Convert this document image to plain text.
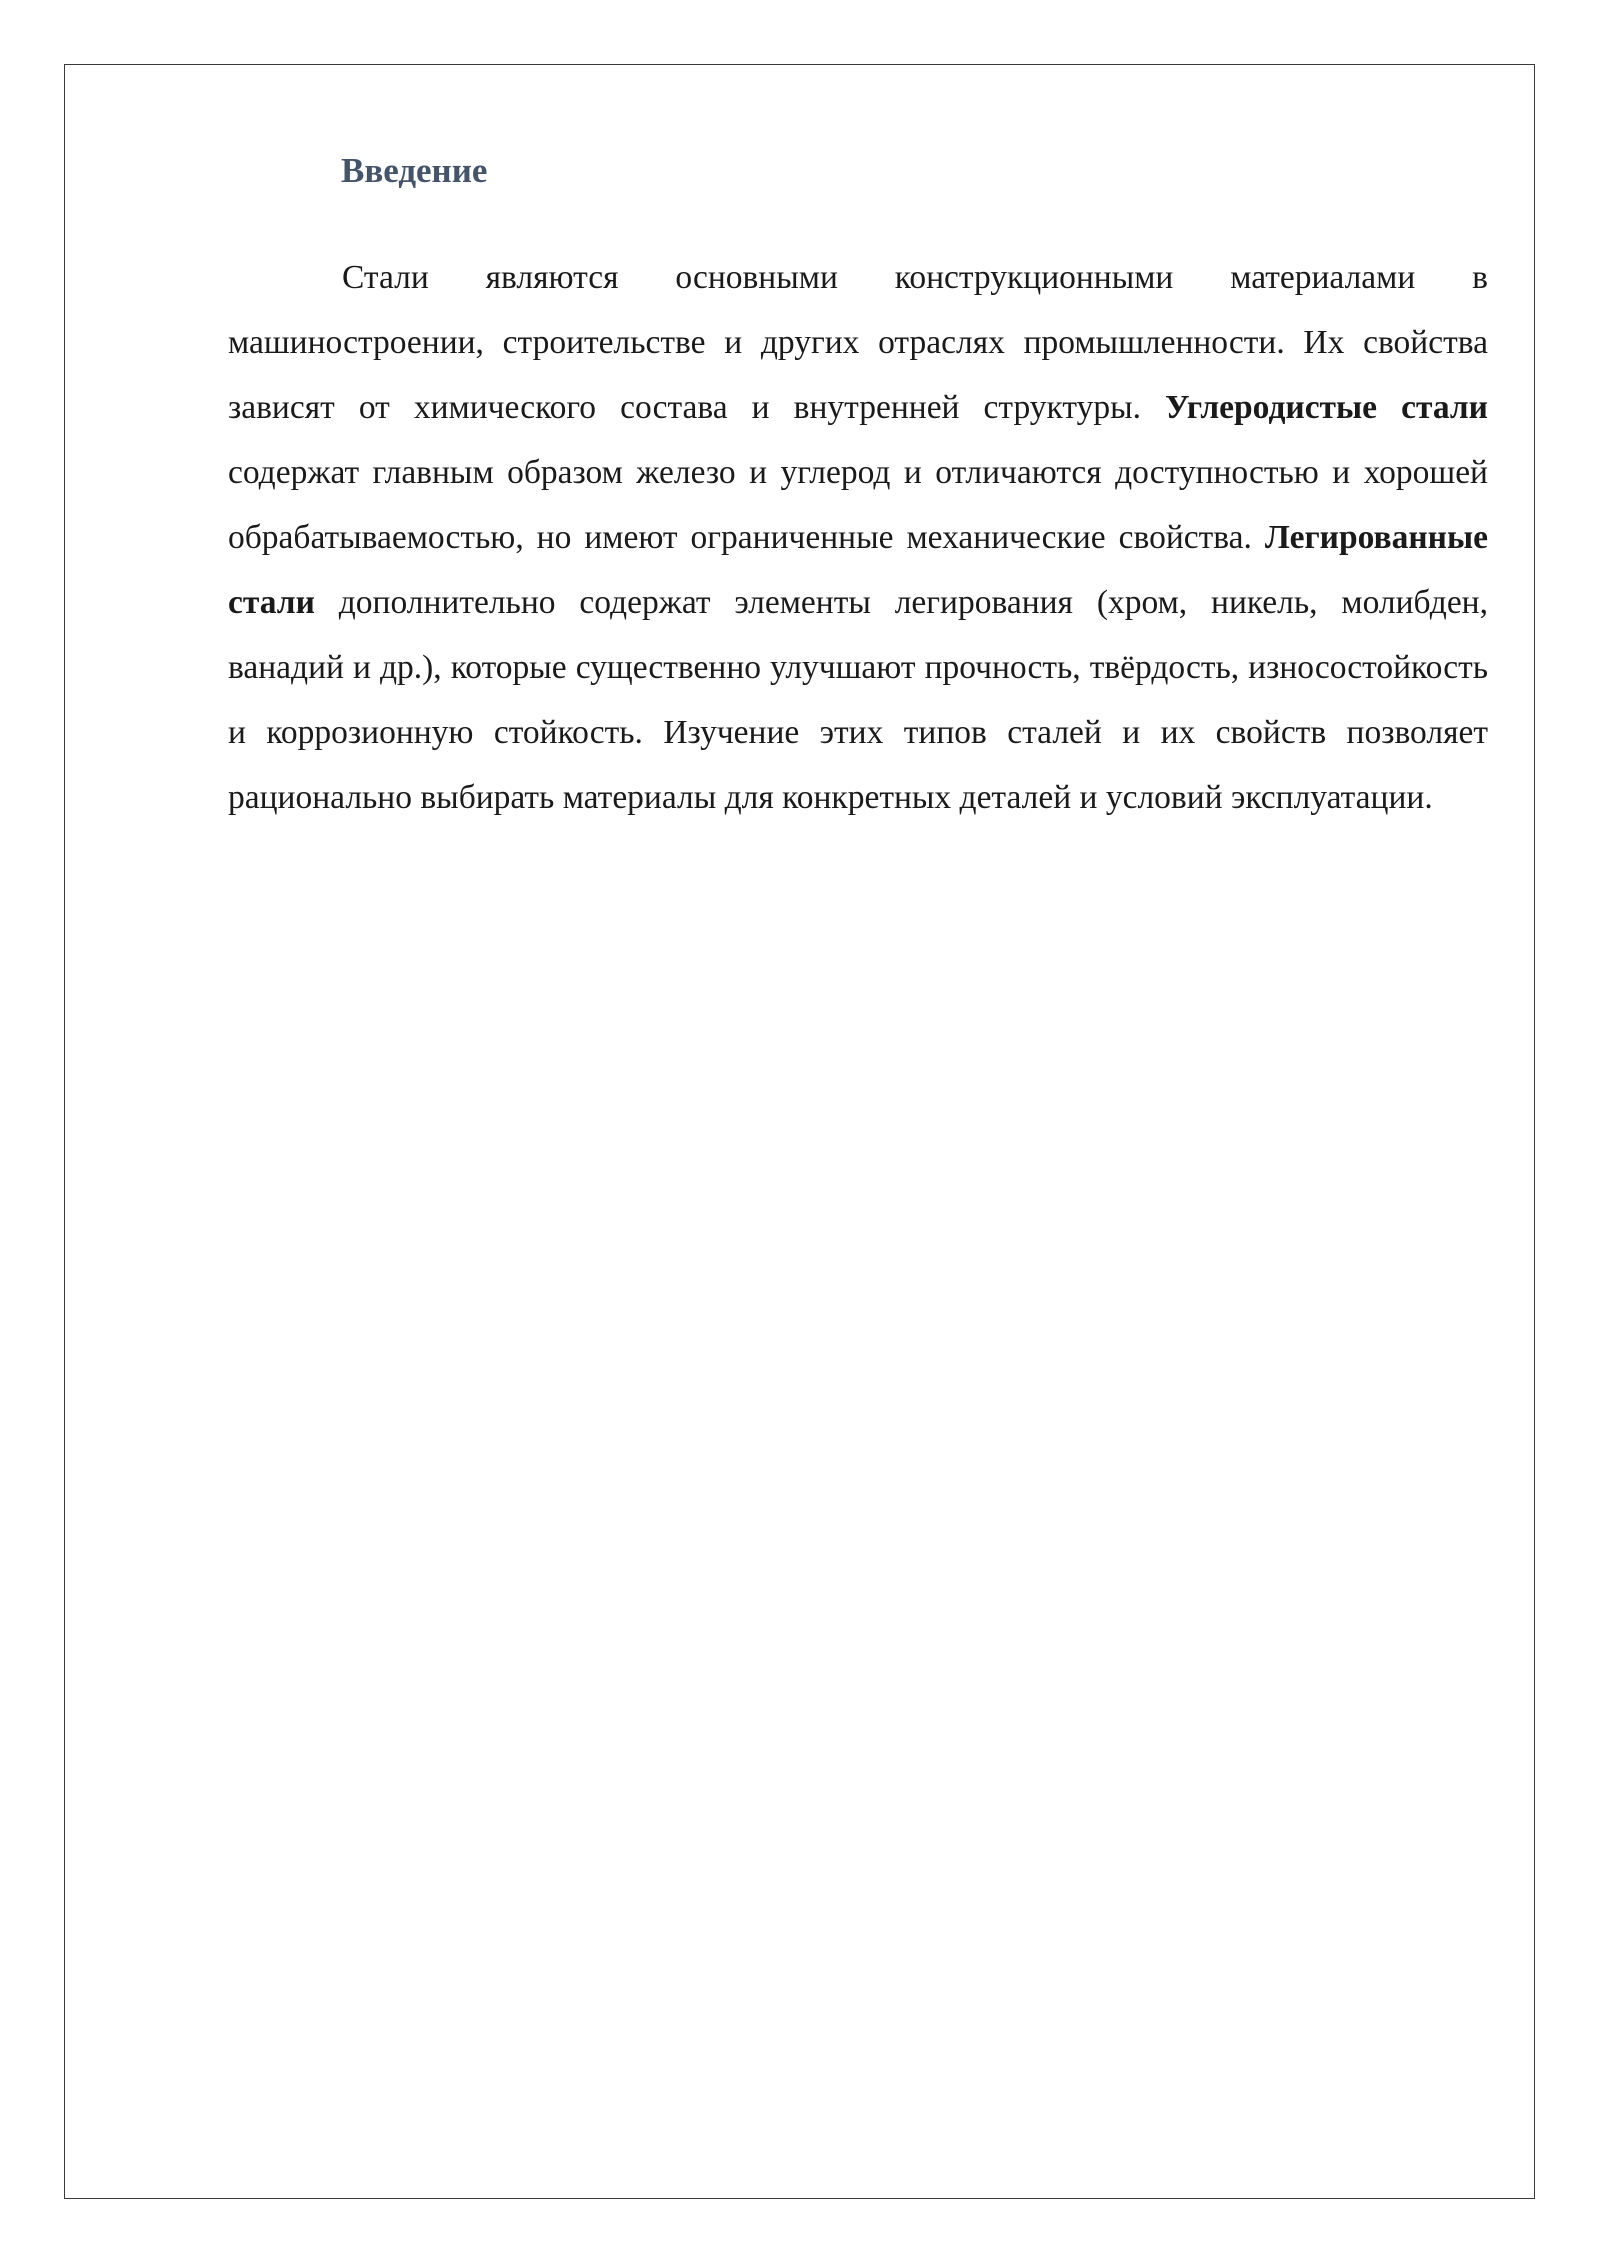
Введение

Стали являются основными конструкционными материалами в машиностроении, строительстве и других отраслях промышленности. Их свойства зависят от химического состава и внутренней структуры. Углеродистые стали содержат главным образом железо и углерод и отличаются доступностью и хорошей обрабатываемостью, но имеют ограниченные механические свойства. Легированные стали дополнительно содержат элементы легирования (хром, никель, молибден, ванадий и др.), которые существенно улучшают прочность, твёрдость, износостойкость и коррозионную стойкость. Изучение этих типов сталей и их свойств позволяет рационально выбирать материалы для конкретных деталей и условий эксплуатации.
